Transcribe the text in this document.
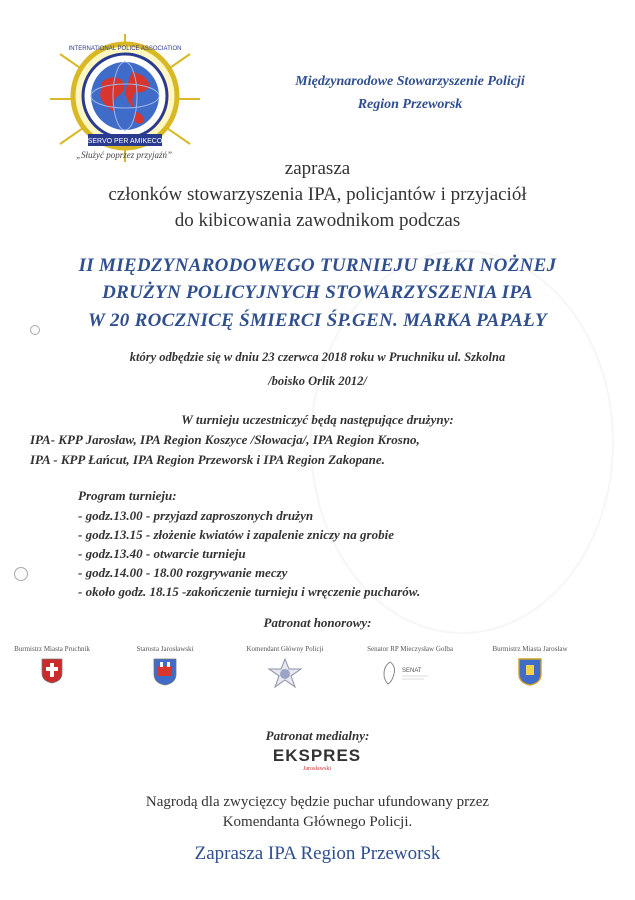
SERVO PER AMIKECO
INTERNATIONAL POLICE ASSOCIATION
„Służyć poprzez przyjaźń”
Międzynarodowe Stowarzyszenie Policji
Region Przeworsk
zaprasza
członków stowarzyszenia IPA, policjantów i przyjaciół
do kibicowania zawodnikom podczas
II MIĘDZYNARODOWEGO TURNIEJU PIŁKI NOŻNEJ
DRUŻYN POLICYJNYCH STOWARZYSZENIA IPA
W 20 ROCZNICĘ ŚMIERCI ŚP.GEN. MARKA PAPAŁY
który odbędzie się w dniu 23 czerwca 2018 roku w Pruchniku ul. Szkolna
/boisko Orlik 2012/
W turnieju uczestniczyć będą następujące drużyny:
IPA- KPP Jarosław, IPA Region Koszyce /Słowacja/, IPA Region Krosno,
IPA - KPP Łańcut, IPA Region Przeworsk i IPA Region Zakopane.
Program turnieju:
- godz.13.00 - przyjazd zaproszonych drużyn
- godz.13.15 - złożenie kwiatów i zapalenie zniczy na grobie
- godz.13.40 - otwarcie turnieju
- godz.14.00 - 18.00 rozgrywanie meczy
- około godz. 18.15 -zakończenie turnieju i wręczenie pucharów.
Patronat honorowy:
Burmistrz Miasta Pruchnik	Starosta Jarosławski	Komendant Główny Policji	Senator RP Mieczysław Golba
SENAT
Burmistrz Miasta Jarosław
Patronat medialny:
EKSPRES
Jarosławski
Nagrodą dla zwycięzcy będzie puchar ufundowany przez
Komendanta Głównego Policji.
Zaprasza IPA Region Przeworsk
